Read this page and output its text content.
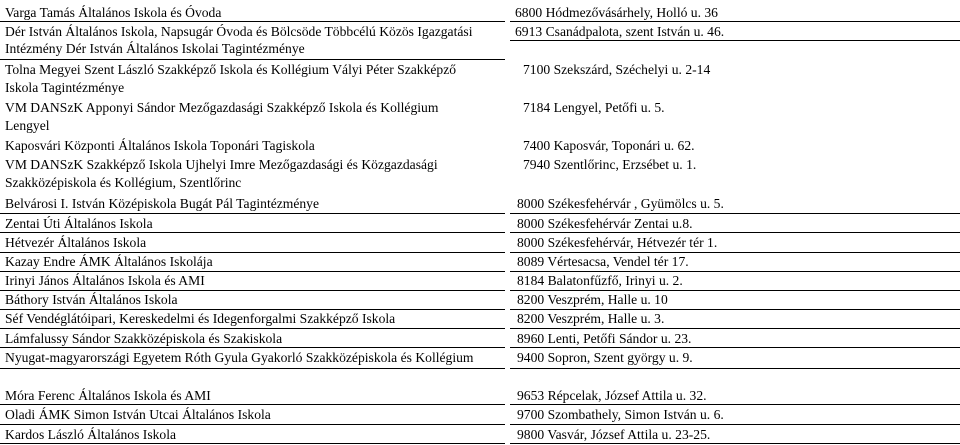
Varga Tamás Általános Iskola és Óvoda	6800 Hódmezővásárhely, Holló u. 36
Dér István Általános Iskola, Napsugár Óvoda és Bölcsöde Többcélú Közös Igazgatási
Intézmény Dér István Általános Iskolai Tagintézménye
6913 Csanádpalota, szent István u. 46.
Tolna Megyei Szent László Szakképző Iskola és Kollégium Vályi Péter Szakképző
Iskola Tagintézménye
7100 Szekszárd, Széchelyi u. 2-14
VM DANSzK Apponyi Sándor Mezőgazdasági Szakképző Iskola és Kollégium
Lengyel
7184 Lengyel, Petőfi u. 5.
Kaposvári Központi Általános Iskola Toponári Tagiskola	7400 Kaposvár, Toponári u. 62.
VM DANSzK Szakképző Iskola Ujhelyi Imre Mezőgazdasági és Közgazdasági
Szakközépiskola és Kollégium, Szentlőrinc
7940 Szentlőrinc, Erzsébet u. 1.
Belvárosi I. István Középiskola Bugát Pál Tagintézménye	8000 Székesfehérvár , Gyümölcs u. 5.
Zentai Úti Általános Iskola	8000 Székesfehérvár Zentai u.8.
Hétvezér Általános Iskola	8000 Székesfehérvár, Hétvezér tér 1.
Kazay Endre ÁMK Általános Iskolája	8089 Vértesacsa, Vendel tér 17.
Irinyi János Általános Iskola és AMI	8184 Balatonfűzfő, Irinyi u. 2.
Báthory István Általános Iskola	8200 Veszprém, Halle u. 10
Séf Vendéglátóipari, Kereskedelmi és Idegenforgalmi Szakképző Iskola	8200 Veszprém, Halle u. 3.
Lámfalussy Sándor Szakközépiskola és Szakiskola	8960 Lenti, Petőfi Sándor u. 23.
Nyugat-magyarországi Egyetem Róth Gyula Gyakorló Szakközépiskola és Kollégium	9400 Sopron, Szent györgy u. 9.
Móra Ferenc Általános Iskola és AMI	9653 Répcelak, József Attila u. 32.
Oladi ÁMK Simon István Utcai Általános Iskola	9700 Szombathely, Simon István u. 6.
Kardos László Általános Iskola	9800 Vasvár, József Attila u. 23-25.
